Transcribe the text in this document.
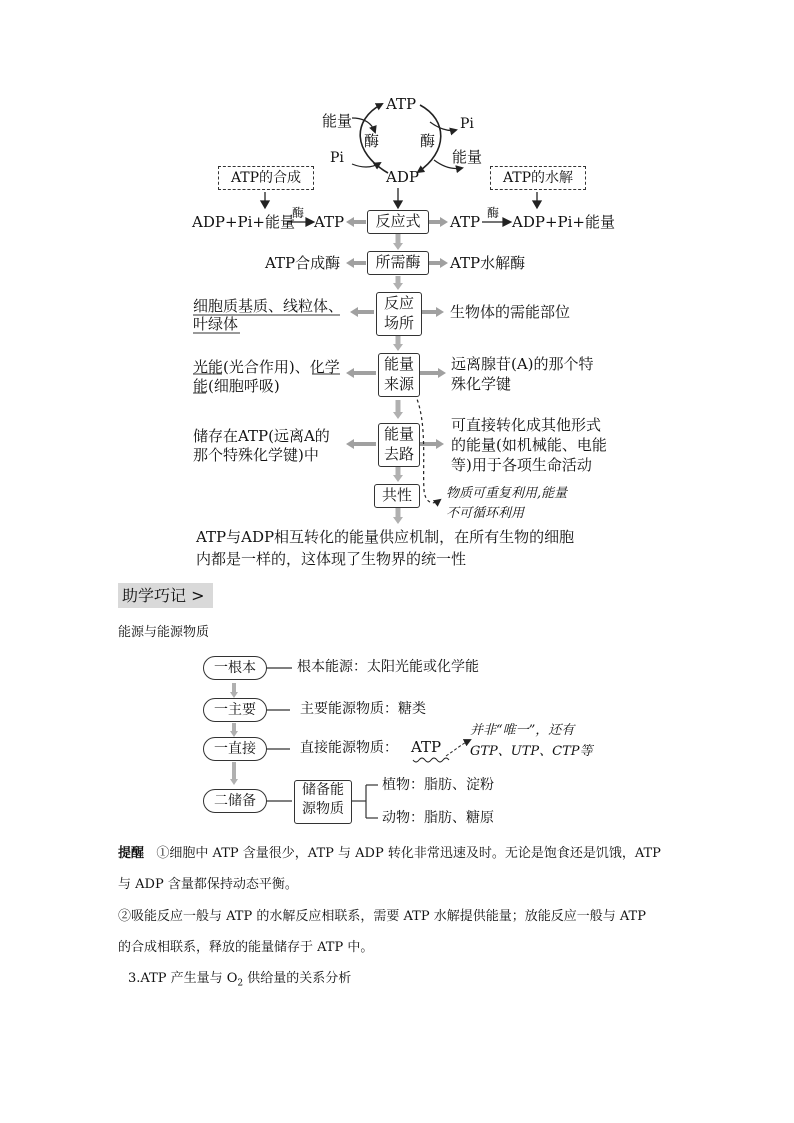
ATP
ADP
酶	酶
能量
Pi
Pi
能量
ATP的合成	ATP的水解
ADP+Pi+能量
酶 ATP	反应式	ATP 酶 ADP+Pi+能量
ATP合成酶	所需酶	ATP水解酶
细胞质基质、线粒体、
叶绿体
反应
场所
生物体的需能部位
光能(光合作用)、化学
能(细胞呼吸)
能量
来源
远离腺苷(A)的那个特
殊化学键
储存在ATP(远离A的
那个特殊化学键)中
能量
去路
可直接转化成其他形式
的能量(如机械能、电能
等)用于各项生命活动
共性	物质可重复利用,能量
不可循环利用
ATP与ADP相互转化的能量供应机制，在所有生物的细胞
内都是一样的，这体现了生物界的统一性
助学巧记 >
能源与能源物质
一根本	根本能源：太阳光能或化学能
一主要	主要能源物质：糖类
一直接	直接能源物质： ATP
并非“唯一”，还有
GTP、UTP、CTP等
二储备
储备能
源物质
植物：脂肪、淀粉
动物：脂肪、糖原
提醒 ①细胞中 ATP 含量很少，ATP 与 ADP 转化非常迅速及时。无论是饱食还是饥饿，ATP
与 ADP 含量都保持动态平衡。
②吸能反应一般与 ATP 的水解反应相联系，需要 ATP 水解提供能量；放能反应一般与 ATP
的合成相联系，释放的能量储存于 ATP 中。
3.ATP 产生量与 $O_2$ 供给量的关系分析
